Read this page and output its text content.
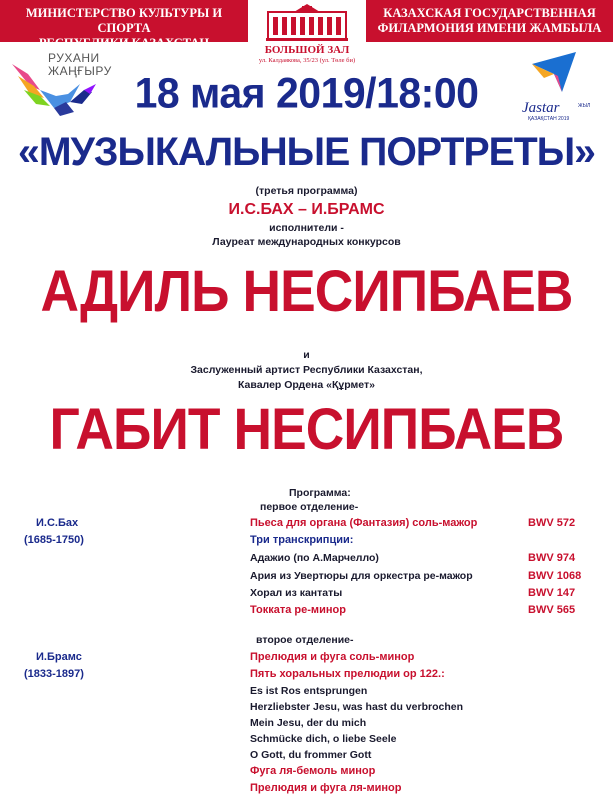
МИНИСТЕРСТВО КУЛЬТУРЫ И СПОРТА
РЕСПУБЛИКИ КАЗАХСТАН
КАЗАХСКАЯ ГОСУДАРСТВЕННАЯ
ФИЛАРМОНИЯ ИМЕНИ ЖАМБЫЛА
БОЛЬШОЙ ЗАЛ
ул. Калдаякова, 35/23 (ул. Төле би)
РУХАНИ
ЖАҢҒЫРУ
Jastar	ЖЫЛ
ҚАЗАҚСТАН 2019
18 мая 2019/18:00
«МУЗЫКАЛЬНЫЕ ПОРТРЕТЫ»
(третья программа)
И.С.БАХ – И.БРАМС
исполнители -
Лауреат международных конкурсов
АДИЛЬ НЕСИПБАЕВ
и
Заслуженный артист Республики Казахстан,
Кавалер Ордена «Құрмет»
ГАБИТ НЕСИПБАЕВ
Программа:
первое отделение-
И.С.Бах
(1685-1750)
Пьеса для органа (Фантазия) соль-мажор	BWV 572
Три транскрипции:
Адажио (по А.Марчелло)	BWV 974
Ария из Увертюры для оркестра ре-мажор	BWV 1068
Хорал из кантаты	BWV 147
Токката ре-минор	BWV 565
второе отделение-
И.Брамс
(1833-1897)
Прелюдия и фуга соль-минор
Пять хоральных прелюдии ор 122.:
Es ist Ros entsprungen
Herzliebster Jesu, was hast du verbrochen
Mein Jesu, der du mich
Schmücke dich, o liebe Seele
O Gott, du frommer Gott
Фуга ля-бемоль минор
Прелюдия и фуга ля-минор
